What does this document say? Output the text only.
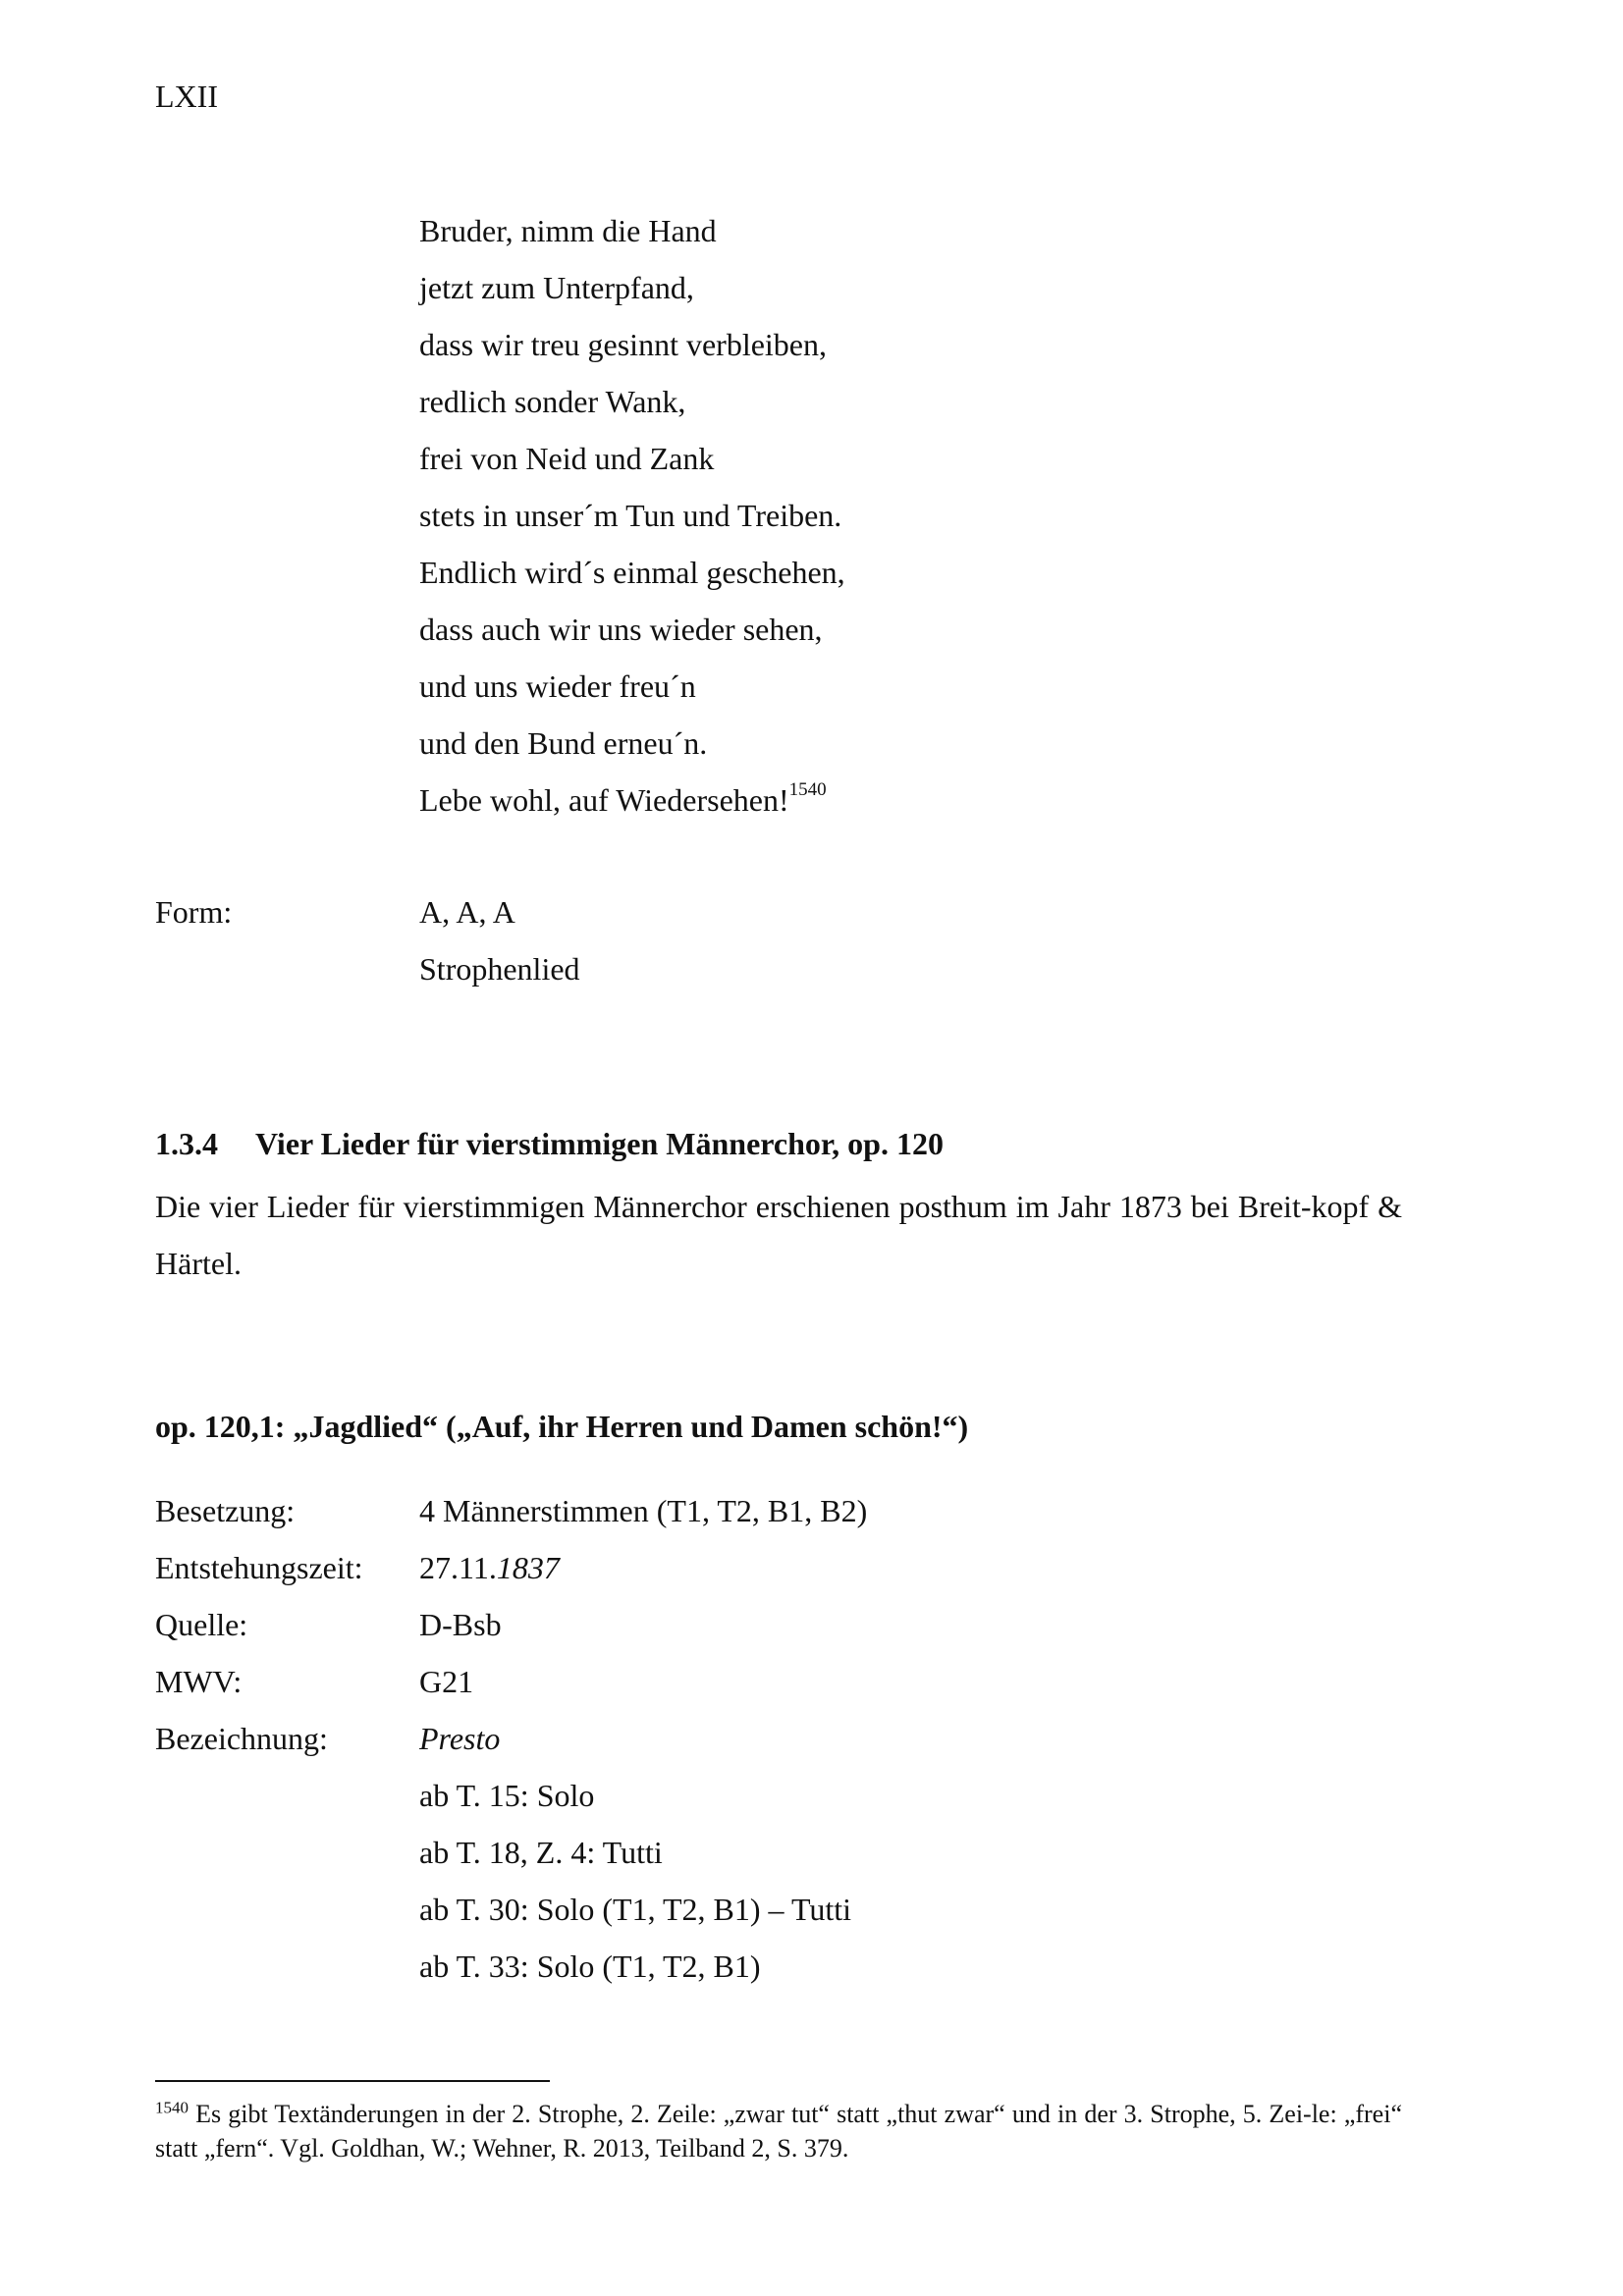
LXII
Bruder, nimm die Hand
jetzt zum Unterpfand,
dass wir treu gesinnt verbleiben,
redlich sonder Wank,
frei von Neid und Zank
stets in unser´m Tun und Treiben.
Endlich wird´s einmal geschehen,
dass auch wir uns wieder sehen,
und uns wieder freu´n
und den Bund erneu´n.
Lebe wohl, auf Wiedersehen!$^{1540}$
Form:	A, A, A
Strophenlied
1.3.4 Vier Lieder für vierstimmigen Männerchor, op. 120
Die vier Lieder für vierstimmigen Männerchor erschienen posthum im Jahr 1873 bei Breit-kopf & Härtel.
op. 120,1: „Jagdlied“ („Auf, ihr Herren und Damen schön!“)
Besetzung:	4 Männerstimmen (T1, T2, B1, B2)
Entstehungszeit:	27.11.1837
Quelle:	D-Bsb
MWV:	G21
Bezeichnung:	Presto
ab T. 15: Solo
ab T. 18, Z. 4: Tutti
ab T. 30: Solo (T1, T2, B1) – Tutti
ab T. 33: Solo (T1, T2, B1)
$^{1540}$ Es gibt Textänderungen in der 2. Strophe, 2. Zeile: „zwar tut“ statt „thut zwar“ und in der 3. Strophe, 5. Zei-le: „frei“ statt „fern“. Vgl. Goldhan, W.; Wehner, R. 2013, Teilband 2, S. 379.
